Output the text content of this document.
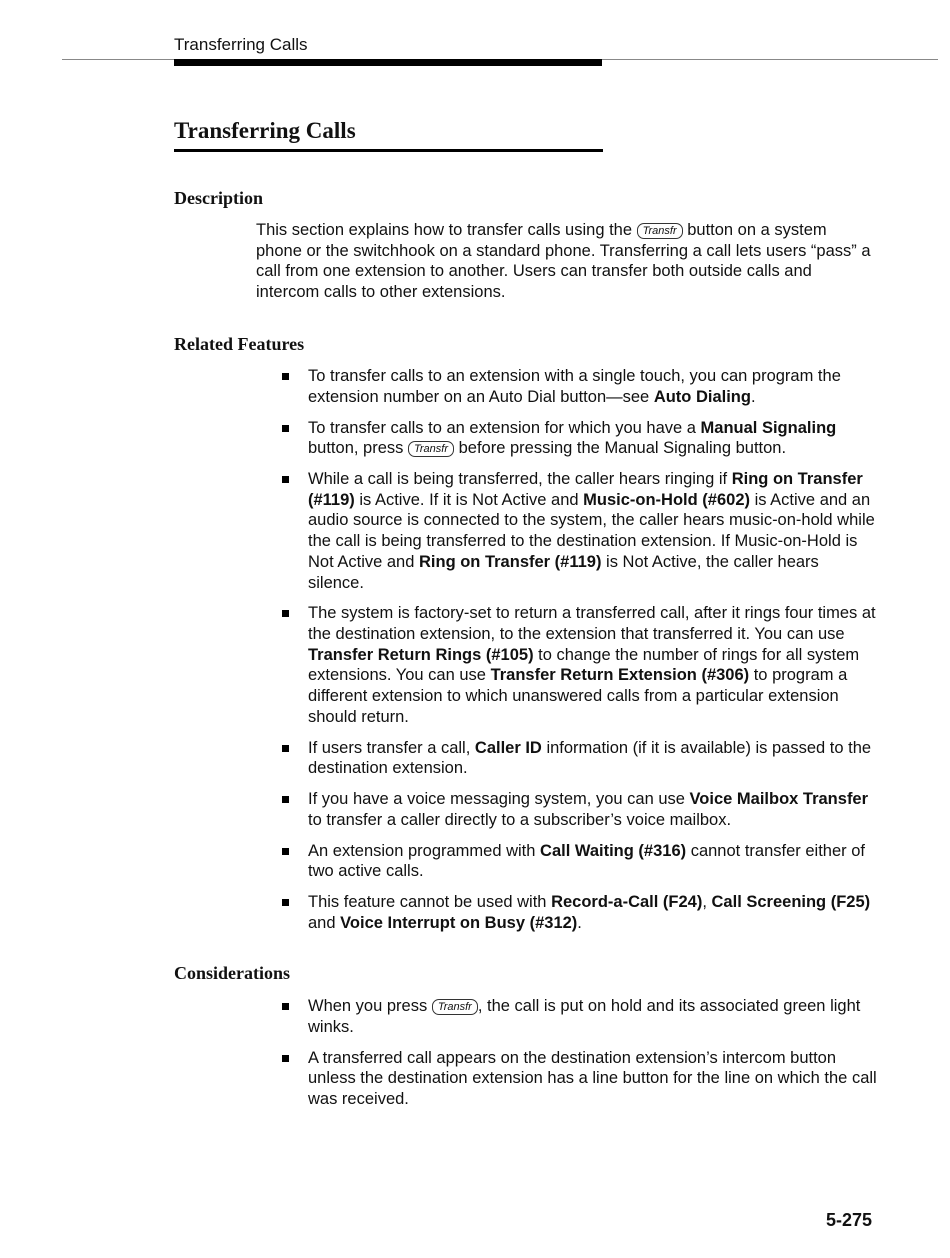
Transferring Calls
Transferring Calls
Description

This section explains how to transfer calls using the Transfr button on a system phone or the switchhook on a standard phone. Transferring a call lets users “pass” a call from one extension to another. Users can transfer both outside calls and intercom calls to other extensions.

Related Features
To transfer calls to an extension with a single touch, you can program the extension number on an Auto Dial button—see Auto Dialing.
To transfer calls to an extension for which you have a Manual Signaling button, press Transfr before pressing the Manual Signaling button.
While a call is being transferred, the caller hears ringing if Ring on Transfer (#119) is Active. If it is Not Active and Music-on-Hold (#602) is Active and an audio source is connected to the system, the caller hears music-on-hold while the call is being transferred to the destination extension. If Music-on-Hold is Not Active and Ring on Transfer (#119) is Not Active, the caller hears silence.
The system is factory-set to return a transferred call, after it rings four times at the destination extension, to the extension that transferred it. You can use Transfer Return Rings (#105) to change the number of rings for all system extensions. You can use Transfer Return Extension (#306) to program a different extension to which unanswered calls from a particular extension should return.
If users transfer a call, Caller ID information (if it is available) is passed to the destination extension.
If you have a voice messaging system, you can use Voice Mailbox Transfer to transfer a caller directly to a subscriber’s voice mailbox.
An extension programmed with Call Waiting (#316) cannot transfer either of two active calls.
This feature cannot be used with Record-a-Call (F24), Call Screening (F25) and Voice Interrupt on Busy (#312).
Considerations
When you press Transfr , the call is put on hold and its associated green light winks.
A transferred call appears on the destination extension’s intercom button unless the destination extension has a line button for the line on which the call was received.
5-275
